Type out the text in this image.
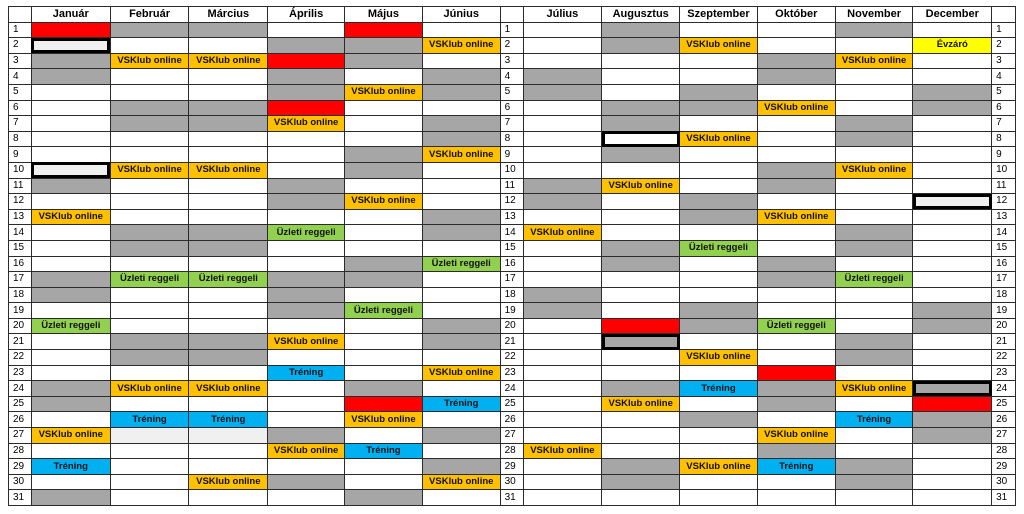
	Január	Február	Március	Április	Május	Június		Július	Augusztus	Szeptember	Október	November	December	
1							1							1
2						VSKlub online	2			VSKlub online			Évzáró	2
3		VSKlub online	VSKlub online				3					VSKlub online		3
4							4							4
5					VSKlub online		5							5
6							6				VSKlub online			6
7				VSKlub online			7							7
8							8			VSKlub online				8
9						VSKlub online	9							9
10		VSKlub online	VSKlub online				10					VSKlub online		10
11							11		VSKlub online					11
12					VSKlub online		12							12
13	VSKlub online						13				VSKlub online			13
14				Üzleti reggeli			14	VSKlub online						14
15							15			Üzleti reggeli				15
16						Üzleti reggeli	16							16
17		Üzleti reggeli	Üzleti reggeli				17					Üzleti reggeli		17
18							18							18
19					Üzleti reggeli		19							19
20	Üzleti reggeli						20				Üzleti reggeli			20
21				VSKlub online			21							21
22							22			VSKlub online				22
23				Tréning		VSKlub online	23							23
24		VSKlub online	VSKlub online				24			Tréning		VSKlub online		24
25						Tréning	25		VSKlub online					25
26		Tréning	Tréning		VSKlub online		26					Tréning		26
27	VSKlub online						27				VSKlub online			27
28				VSKlub online	Tréning		28	VSKlub online						28
29	Tréning						29			VSKlub online	Tréning			29
30			VSKlub online			VSKlub online	30							30
31							31							31
